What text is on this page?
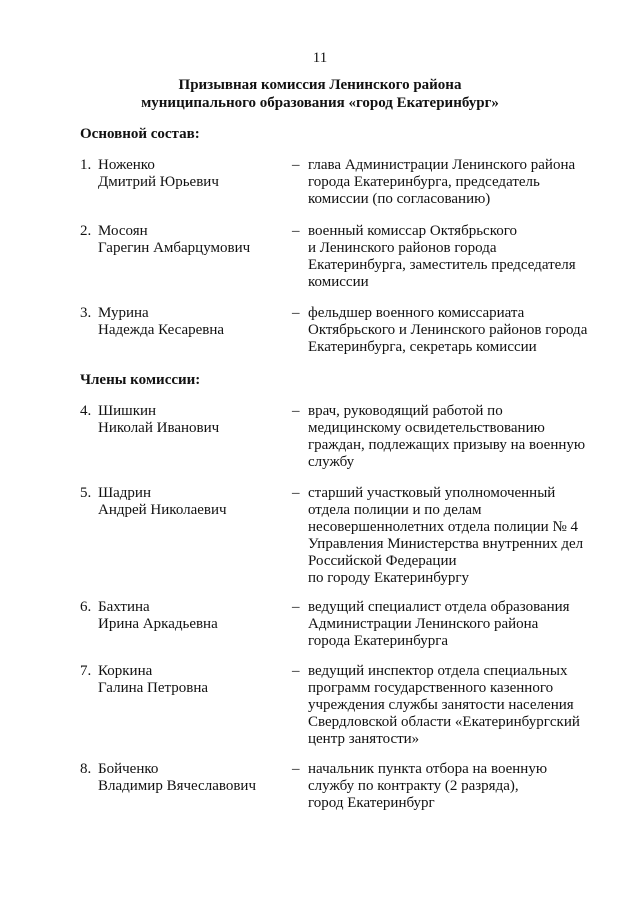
11
Призывная комиссия Ленинского района
муниципального образования «город Екатеринбург»
Основной состав:
1. Ноженко
Дмитрий Юрьевич
– глава Администрации Ленинского района
города Екатеринбурга, председатель
комиссии (по согласованию)
2. Мосоян
Гарегин Амбарцумович
– военный комиссар Октябрьского
и Ленинского районов города
Екатеринбурга, заместитель председателя
комиссии
3. Мурина
Надежда Кесаревна
– фельдшер военного комиссариата
Октябрьского и Ленинского районов города
Екатеринбурга, секретарь комиссии
Члены комиссии:
4. Шишкин
Николай Иванович
– врач, руководящий работой по
медицинскому освидетельствованию
граждан, подлежащих призыву на военную
службу
5. Шадрин
Андрей Николаевич
– старший участковый уполномоченный
отдела полиции и по делам
несовершеннолетних отдела полиции № 4
Управления Министерства внутренних дел
Российской Федерации
по городу Екатеринбургу
6. Бахтина
Ирина Аркадьевна
– ведущий специалист отдела образования
Администрации Ленинского района
города Екатеринбурга
7. Коркина
Галина Петровна
– ведущий инспектор отдела специальных
программ государственного казенного
учреждения службы занятости населения
Свердловской области «Екатеринбургский
центр занятости»
8. Бойченко
Владимир Вячеславович
– начальник пункта отбора на военную
службу по контракту (2 разряда),
город Екатеринбург
